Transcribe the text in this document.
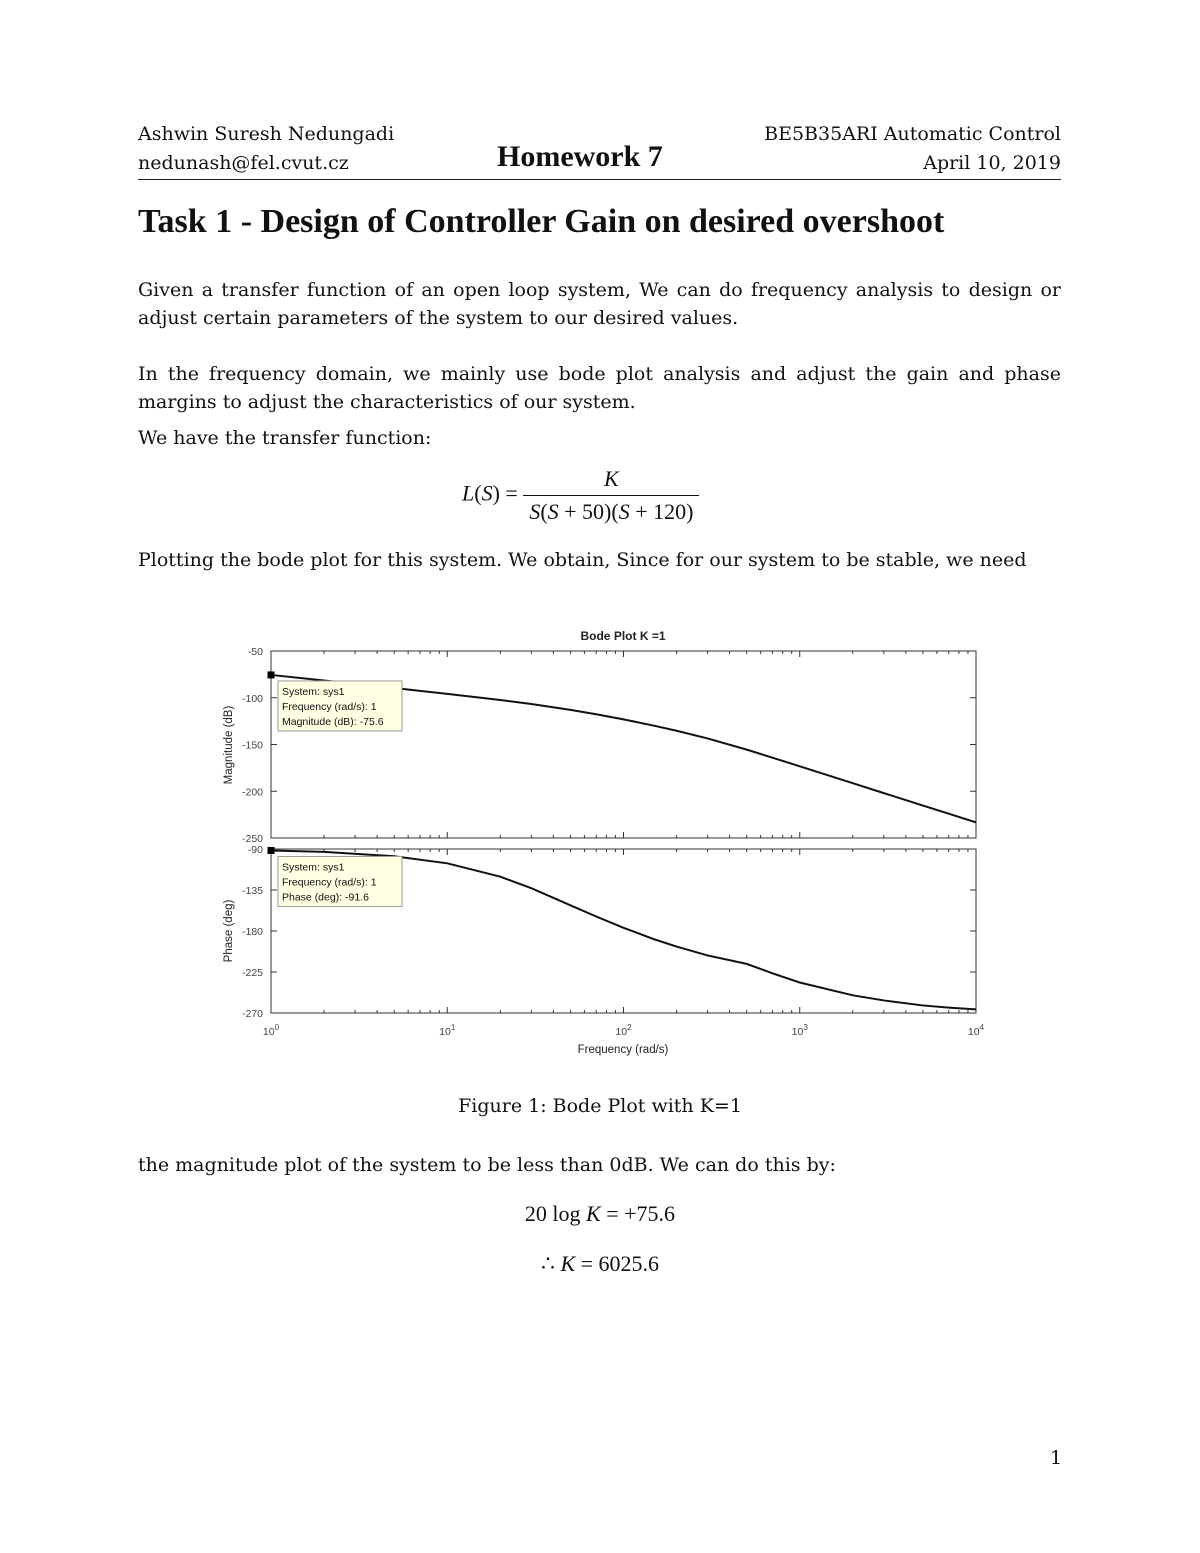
Ashwin Suresh Nedungadi
nedunash@fel.cvut.cz	Homework 7
BE5B35ARI Automatic Control
April 10, 2019
Task 1 - Design of Controller Gain on desired overshoot
Given a transfer function of an open loop system, We can do frequency analysis to design or adjust certain parameters of the system to our desired values.
In the frequency domain, we mainly use bode plot analysis and adjust the gain and phase margins to adjust the characteristics of our system.
We have the transfer function:
$L(S) = \frac{K}{S(S + 50)(S + 120)}$
Plotting the bode plot for this system. We obtain, Since for our system to be stable, we need
Bode Plot K =1
-50
-100
-150
-200
-250
-90
-135
-180
-225
-270
$10^0$	$10^1$	$10^2$	$10^3$	$10^4$
System: sys1
Frequency (rad/s): 1
Magnitude (dB): -75.6
System: sys1
Frequency (rad/s): 1
Phase (deg): -91.6
Magnitude (dB)
Phase (deg)
Frequency (rad/s)
Figure 1: Bode Plot with K=1
the magnitude plot of the system to be less than 0dB. We can do this by:
20 log K = +75.6
∴ K = 6025.6
1
